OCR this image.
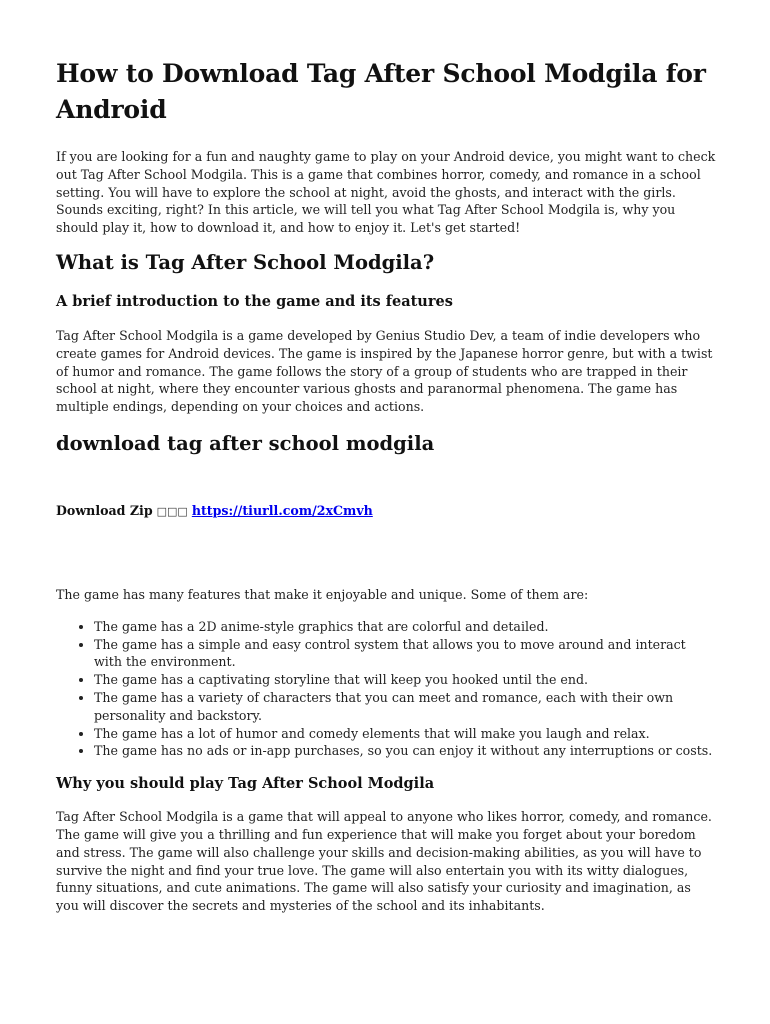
How to Download Tag After School Modgila for Android

If you are looking for a fun and naughty game to play on your Android device, you might want to check out Tag After School Modgila. This is a game that combines horror, comedy, and romance in a school setting. You will have to explore the school at night, avoid the ghosts, and interact with the girls. Sounds exciting, right? In this article, we will tell you what Tag After School Modgila is, why you should play it, how to download it, and how to enjoy it. Let's get started!

What is Tag After School Modgila?
A brief introduction to the game and its features

Tag After School Modgila is a game developed by Genius Studio Dev, a team of indie developers who create games for Android devices. The game is inspired by the Japanese horror genre, but with a twist of humor and romance. The game follows the story of a group of students who are trapped in their school at night, where they encounter various ghosts and paranormal phenomena. The game has multiple endings, depending on your choices and actions.

download tag after school modgila
Download Zip □□□ https://tiurll.com/2xCmvh

The game has many features that make it enjoyable and unique. Some of them are:

• The game has a 2D anime-style graphics that are colorful and detailed.
• The game has a simple and easy control system that allows you to move around and interact with the environment.
• The game has a captivating storyline that will keep you hooked until the end.
• The game has a variety of characters that you can meet and romance, each with their own personality and backstory.
• The game has a lot of humor and comedy elements that will make you laugh and relax.
• The game has no ads or in-app purchases, so you can enjoy it without any interruptions or costs.
Why you should play Tag After School Modgila

Tag After School Modgila is a game that will appeal to anyone who likes horror, comedy, and romance. The game will give you a thrilling and fun experience that will make you forget about your boredom and stress. The game will also challenge your skills and decision-making abilities, as you will have to survive the night and find your true love. The game will also entertain you with its witty dialogues, funny situations, and cute animations. The game will also satisfy your curiosity and imagination, as you will discover the secrets and mysteries of the school and its inhabitants.
